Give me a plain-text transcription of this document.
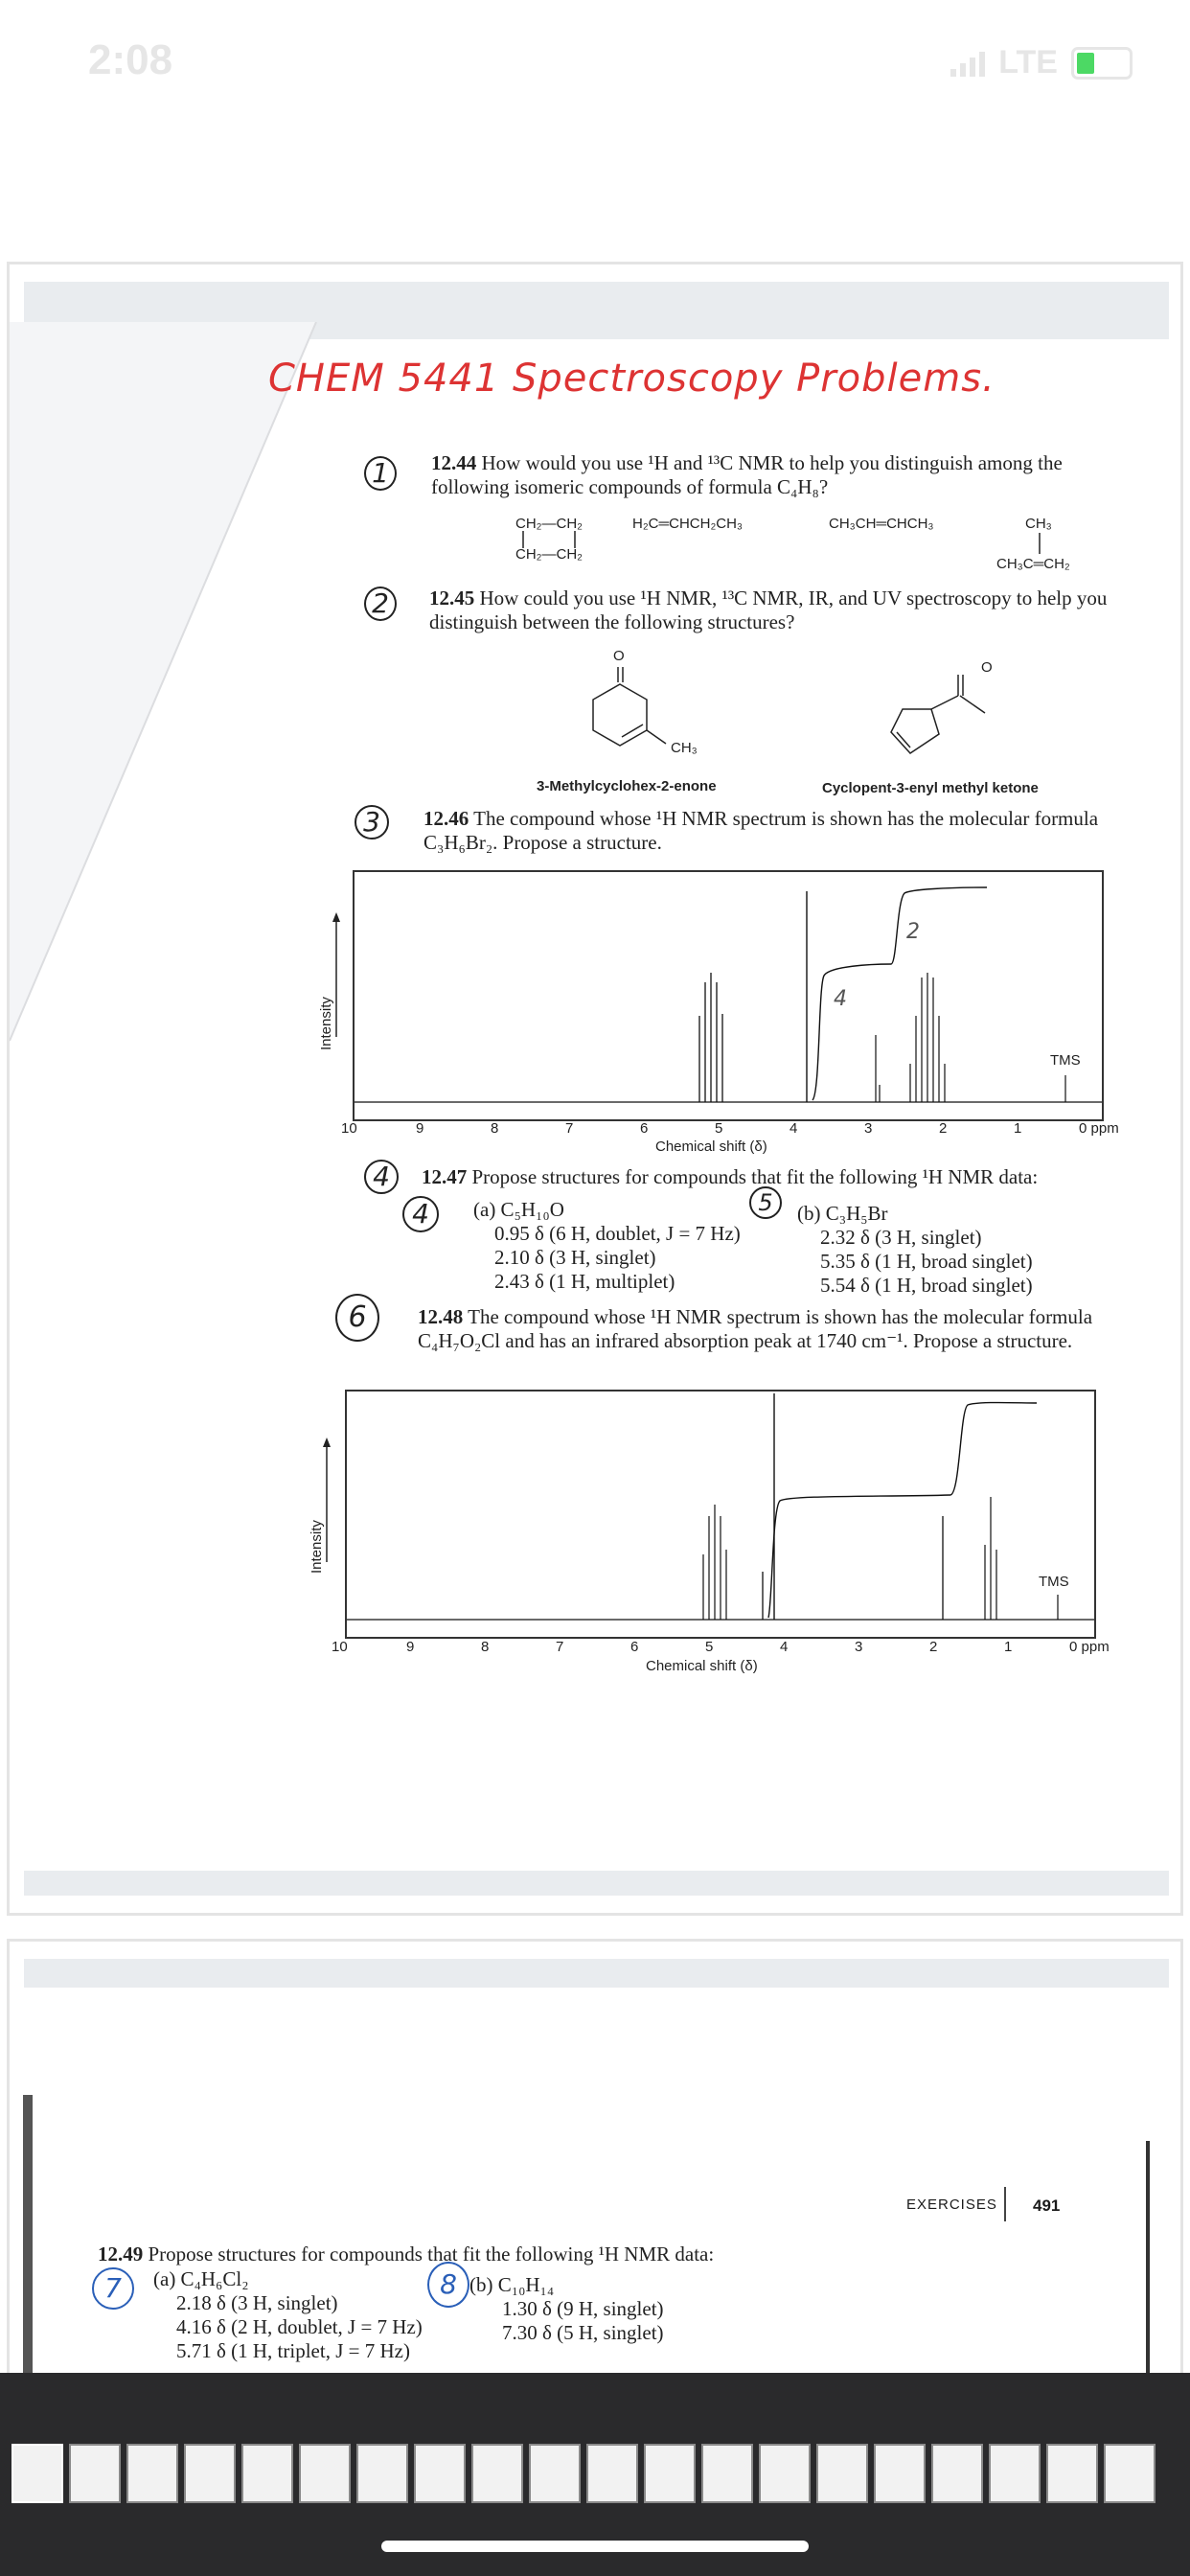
2:08	LTE
CHEM 5441 Spectroscopy Problems.
1	12.44 How would you use ¹H and ¹³C NMR to help you distinguish among the following isomeric compounds of formula C₄H₈?
CH₂—CH₂
CH₂—CH₂
H₂C═CHCH₂CH₃	CH₃CH═CHCH₃	CH₃
CH₃C═CH₂
2	12.45 How could you use ¹H NMR, ¹³C NMR, IR, and UV spectroscopy to help you distinguish between the following structures?
O
CH₃
O
3-Methylcyclohex-2-enone	Cyclopent-3-enyl methyl ketone
3	12.46 The compound whose ¹H NMR spectrum is shown has the molecular formula C₃H₆Br₂. Propose a structure.
Intensity
TMS
4
2
10	9	8	7	6	5	4	3	2	1	0 ppm
Chemical shift (δ)
4	12.47 Propose structures for compounds that fit the following ¹H NMR data:
4	(a) C₅H₁₀O
0.95 δ (6 H, doublet, J = 7 Hz)
2.10 δ (3 H, singlet)
2.43 δ (1 H, multiplet)
5	(b) C₃H₅Br
2.32 δ (3 H, singlet)
5.35 δ (1 H, broad singlet)
5.54 δ (1 H, broad singlet)
6	12.48 The compound whose ¹H NMR spectrum is shown has the molecular formula C₄H₇O₂Cl and has an infrared absorption peak at 1740 cm⁻¹. Propose a structure.
Intensity
TMS
10	9	8	7	6	5	4	3	2	1	0 ppm
Chemical shift (δ)
EXERCISES 491
12.49 Propose structures for compounds that fit the following ¹H NMR data:
7	(a) C₄H₆Cl₂
2.18 δ (3 H, singlet)
4.16 δ (2 H, doublet, J = 7 Hz)
5.71 δ (1 H, triplet, J = 7 Hz)
8 (b) C₁₀H₁₄
1.30 δ (9 H, singlet)
7.30 δ (5 H, singlet)
